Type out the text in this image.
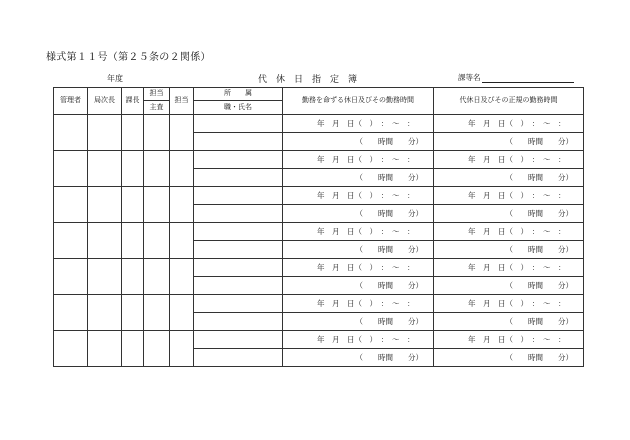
様式第１１号（第２５条の２関係）
年度	代休日指定簿	課等名
管理者	局次長	課長	担当	担当	所　　属	勤務を命ずる休日及びその勤務時間	代休日及びその正規の勤務時間
			主査		職・氏名		

						年　月　日（　）　：　～　：	年　月　日（　）　：　～　：

						（　　時間　　分）	（　　時間　　分）

						年　月　日（　）　：　～　：	年　月　日（　）　：　～　：

						（　　時間　　分）	（　　時間　　分）

						年　月　日（　）　：　～　：	年　月　日（　）　：　～　：

						（　　時間　　分）	（　　時間　　分）

						年　月　日（　）　：　～　：	年　月　日（　）　：　～　：

						（　　時間　　分）	（　　時間　　分）

						年　月　日（　）　：　～　：	年　月　日（　）　：　～　：

						（　　時間　　分）	（　　時間　　分）

						年　月　日（　）　：　～　：	年　月　日（　）　：　～　：

						（　　時間　　分）	（　　時間　　分）

						年　月　日（　）　：　～　：	年　月　日（　）　：　～　：

						（　　時間　　分）	（　　時間　　分）
